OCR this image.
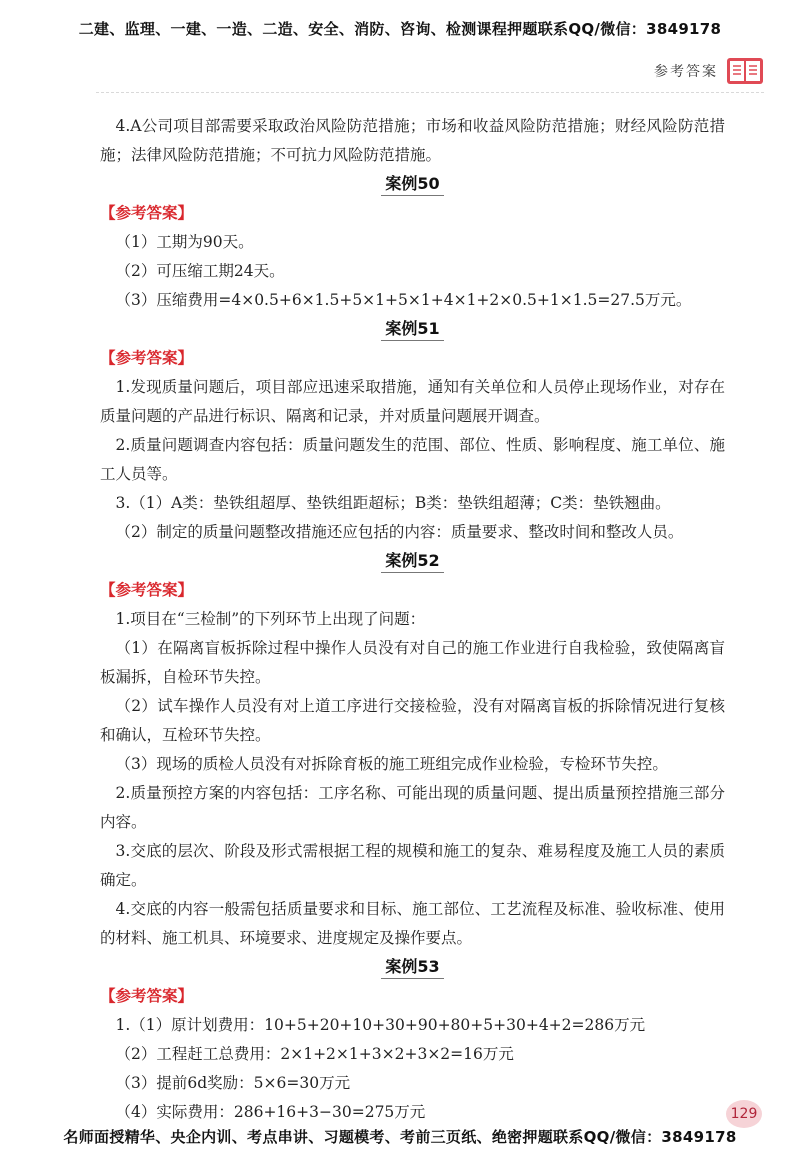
二建、监理、一建、一造、二造、安全、消防、咨询、检测课程押题联系QQ/微信：3849178
参考答案
4.A公司项目部需要采取政治风险防范措施；市场和收益风险防范措施；财经风险防范措施；法律风险防范措施；不可抗力风险防范措施。
案例50
【参考答案】
（1）工期为90天。
（2）可压缩工期24天。
（3）压缩费用=4×0.5+6×1.5+5×1+5×1+4×1+2×0.5+1×1.5=27.5万元。
案例51
【参考答案】
1.发现质量问题后，项目部应迅速采取措施，通知有关单位和人员停止现场作业，对存在质量问题的产品进行标识、隔离和记录，并对质量问题展开调查。
2.质量问题调查内容包括：质量问题发生的范围、部位、性质、影响程度、施工单位、施工人员等。
3.（1）A类：垫铁组超厚、垫铁组距超标；B类：垫铁组超薄；C类：垫铁翘曲。
（2）制定的质量问题整改措施还应包括的内容：质量要求、整改时间和整改人员。
案例52
【参考答案】
1.项目在“三检制”的下列环节上出现了问题：
（1）在隔离盲板拆除过程中操作人员没有对自己的施工作业进行自我检验，致使隔离盲板漏拆，自检环节失控。
（2）试车操作人员没有对上道工序进行交接检验，没有对隔离盲板的拆除情况进行复核和确认，互检环节失控。
（3）现场的质检人员没有对拆除育板的施工班组完成作业检验，专检环节失控。
2.质量预控方案的内容包括：工序名称、可能出现的质量问题、提出质量预控措施三部分内容。
3.交底的层次、阶段及形式需根据工程的规模和施工的复杂、难易程度及施工人员的素质确定。
4.交底的内容一般需包括质量要求和目标、施工部位、工艺流程及标准、验收标准、使用的材料、施工机具、环境要求、进度规定及操作要点。
案例53
【参考答案】
1.（1）原计划费用：10+5+20+10+30+90+80+5+30+4+2=286万元
（2）工程赶工总费用：2×1+2×1+3×2+3×2=16万元
（3）提前6d奖励：5×6=30万元
（4）实际费用：286+16+3−30=275万元	129
名师面授精华、央企内训、考点串讲、习题模考、考前三页纸、绝密押题联系QQ/微信：3849178
